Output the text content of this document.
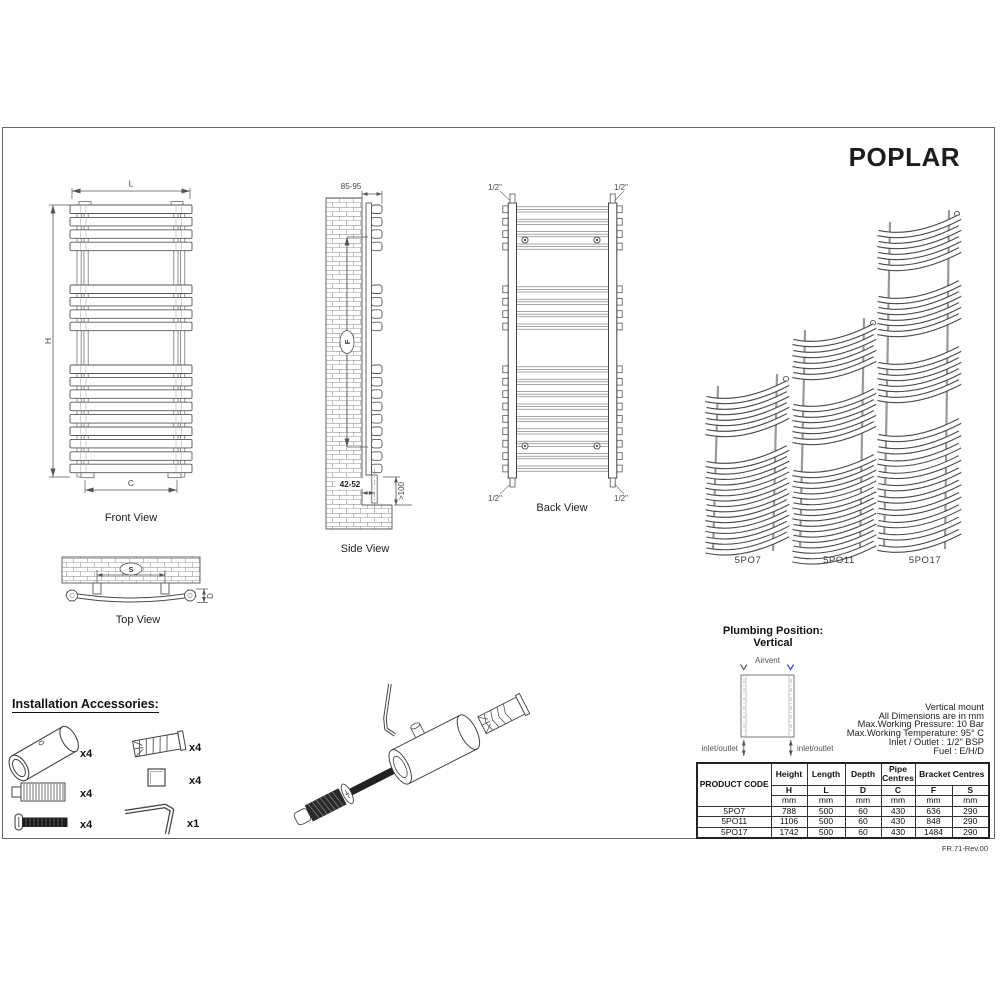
L
H
C
85-95
F
42-52	>100
1/2"	1/2"
1/2"	1/2"
S
D
x4	x4
x4
x4
x4	x1
Airvent
inlet/outlet	inlet/outlet
POPLAR
Front View
Side View
Back View
Top View
5PO7	5PO11	5PO17
Installation Accessories:
Plumbing Position:
Vertical
Vertical mount
All Dimensions are in mm
Max.Working Pressure: 10 Bar
Max.Working Temperature: 95° C
Inlet / Outlet : 1/2" BSP
Fuel : E/H/D
PRODUCT CODE	Height	Length	Depth	Pipe Centres	Bracket Centres	
	H	L	D	C	F	S
	mm	mm	mm	mm	mm	mm
5PO7	788	500	60	430	636	290
5PO11	1106	500	60	430	848	290
5PO17	1742	500	60	430	1484	290
FR.71-Rev.00
